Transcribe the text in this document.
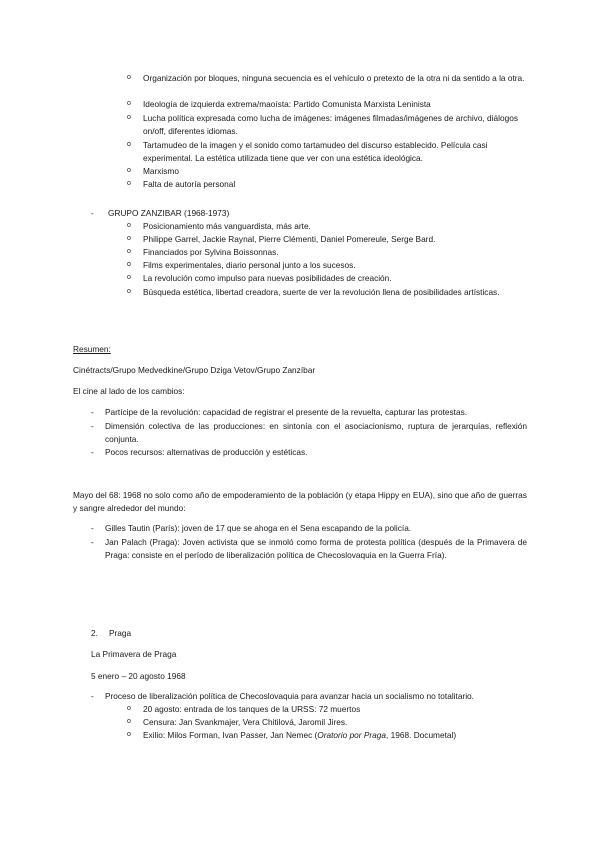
o	Organización por bloques, ninguna secuencia es el vehículo o pretexto de la otra ni da sentido a la otra.
o	Ideología de izquierda extrema/maoísta: Partido Comunista Marxista Leninista
o	Lucha política expresada como lucha de imágenes: imágenes filmadas/imágenes de archivo, diálogos on/off, diferentes idiomas.
o	Tartamudeo de la imagen y el sonido como tartamudeo del discurso establecido. Película casi experimental. La estética utilizada tiene que ver con una estética ideológica.
o	Marxismo
o	Falta de autoría personal
-	GRUPO ZANZIBAR (1968-1973)
o	Posicionamiento más vanguardista, más arte.
o	Philippe Garrel, Jackie Raynal, Pierre Clémenti, Daniel Pomereule, Serge Bard.
o	Financiados por Sylvina Boissonnas.
o	Films experimentales, diario personal junto a los sucesos.
o	La revolución como impulso para nuevas posibilidades de creación.
o	Búsqueda estética, libertad creadora, suerte de ver la revolución llena de posibilidades artísticas.

Resumen:

Cinétracts/Grupo Medvedkine/Grupo Dziga Vetov/Grupo Zanzíbar

El cine al lado de los cambios:

-	Partícipe de la revolución: capacidad de registrar el presente de la revuelta, capturar las protestas.
-	Dimensión colectiva de las producciones: en sintonía con el asociacionismo, ruptura de jerarquías, reflexión conjunta.
-	Pocos recursos: alternativas de producción y estéticas.

Mayo del 68: 1968 no solo como año de empoderamiento de la población (y etapa Hippy en EUA), sino que año de guerras y sangre alrededor del mundo:

-	Gilles Tautin (París): joven de 17 que se ahoga en el Sena escapando de la policía.
-	Jan Palach (Praga): Joven activista que se inmoló como forma de protesta política (después de la Primavera de Praga: consiste en el período de liberalización política de Checoslovaquia en la Guerra Fría).
2.	Praga

La Primavera de Praga

5 enero – 20 agosto 1968

-	Proceso de liberalización política de Checoslovaquia para avanzar hacia un socialismo no totalitario.
o	20 agosto: entrada de los tanques de la URSS: 72 muertos
o	Censura: Jan Svankmajer, Vera Chitilová, Jaromil Jires.
o	Exilio: Milos Forman, Ivan Passer, Jan Nemec (Oratorio por Praga, 1968. Documetal)
